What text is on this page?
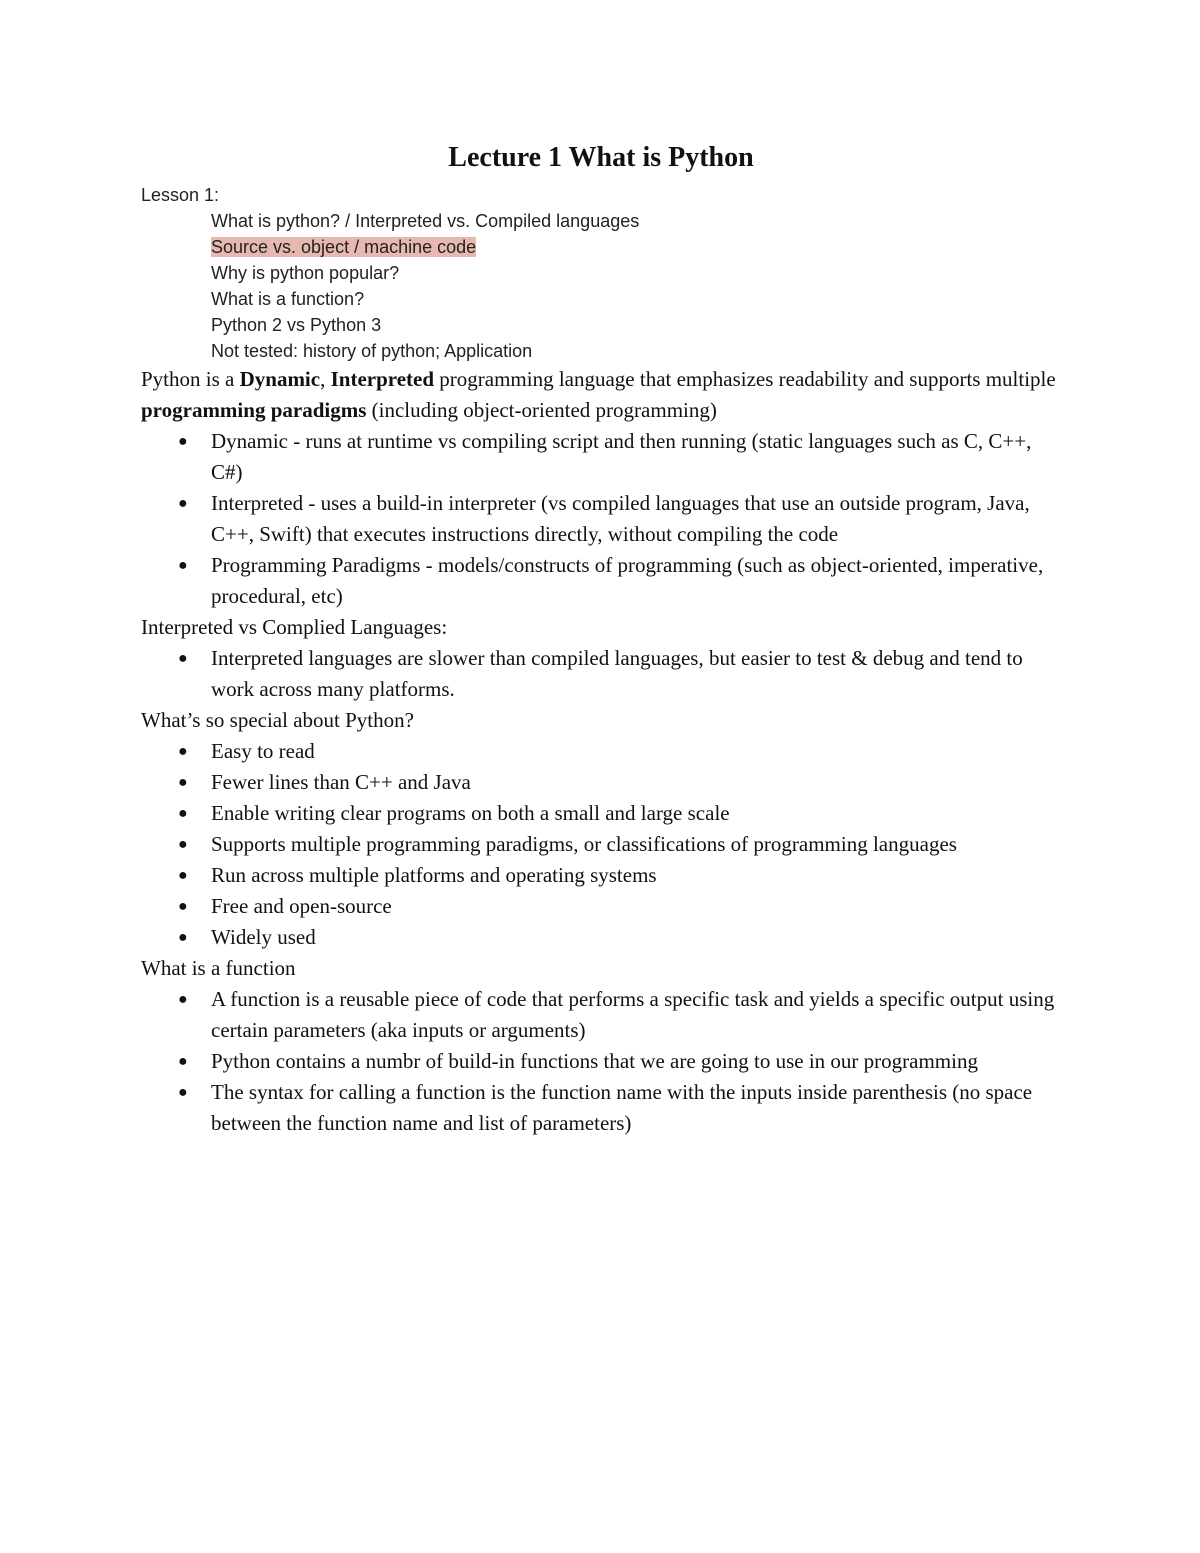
Lecture 1 What is Python

Lesson 1:

What is python? / Interpreted vs. Compiled languages
Source vs. object / machine code
Why is python popular?
What is a function?
Python 2 vs Python 3
Not tested: history of python; Application

Python is a Dynamic, Interpreted programming language that emphasizes readability and supports multiple programming paradigms (including object-oriented programming)

● Dynamic - runs at runtime vs compiling script and then running (static languages such as C, C++, C#)
● Interpreted - uses a build-in interpreter (vs compiled languages that use an outside program, Java, C++, Swift) that executes instructions directly, without compiling the code
● Programming Paradigms - models/constructs of programming (such as object-oriented, imperative, procedural, etc)

Interpreted vs Complied Languages:

● Interpreted languages are slower than compiled languages, but easier to test & debug and tend to work across many platforms.

What’s so special about Python?

● Easy to read
● Fewer lines than C++ and Java
● Enable writing clear programs on both a small and large scale
● Supports multiple programming paradigms, or classifications of programming languages
● Run across multiple platforms and operating systems
● Free and open-source
● Widely used

What is a function

● A function is a reusable piece of code that performs a specific task and yields a specific output using certain parameters (aka inputs or arguments)
● Python contains a numbr of build-in functions that we are going to use in our programming
● The syntax for calling a function is the function name with the inputs inside parenthesis (no space between the function name and list of parameters)
